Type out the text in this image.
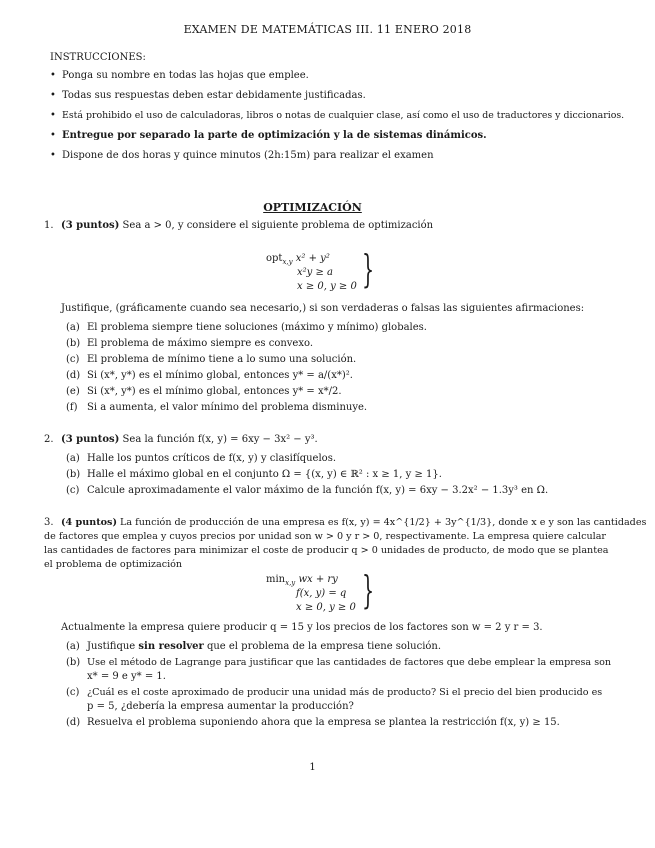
EXAMEN DE MATEMÁTICAS III. 11 ENERO 2018
INSTRUCCIONES:
• Ponga su nombre en todas las hojas que emplee.
• Todas sus respuestas deben estar debidamente justificadas.
• Está prohibido el uso de calculadoras, libros o notas de cualquier clase, así como el uso de traductores y diccionarios.
• Entregue por separado la parte de optimización y la de sistemas dinámicos.
• Dispone de dos horas y quince minutos (2h:15m) para realizar el examen
OPTIMIZACIÓN
1. (3 puntos) Sea a > 0, y considere el siguiente problema de optimización
opt$_{x,y}$ x² + y²
x²y ≥ a
x ≥ 0, y ≥ 0 }
Justifique, (gráficamente cuando sea necesario,) si son verdaderas o falsas las siguientes afirmaciones:
(a) El problema siempre tiene soluciones (máximo y mínimo) globales.
(b) El problema de máximo siempre es convexo.
(c) El problema de mínimo tiene a lo sumo una solución.
(d) Si (x*, y*) es el mínimo global, entonces y* = a/(x*)².
(e) Si (x*, y*) es el mínimo global, entonces y* = x*/2.
(f) Si a aumenta, el valor mínimo del problema disminuye.
2. (3 puntos) Sea la función f(x, y) = 6xy − 3x² − y³.
(a) Halle los puntos críticos de f(x, y) y clasifíquelos.
(b) Halle el máximo global en el conjunto Ω = {(x, y) ∈ ℝ² : x ≥ 1, y ≥ 1}.
(c) Calcule aproximadamente el valor máximo de la función f(x, y) = 6xy − 3.2x² − 1.3y³ en Ω.
3. (4 puntos) La función de producción de una empresa es f(x, y) = 4x^{1/2} + 3y^{1/3}, donde x e y son las cantidades
de factores que emplea y cuyos precios por unidad son w > 0 y r > 0, respectivamente. La empresa quiere calcular
las cantidades de factores para minimizar el coste de producir q > 0 unidades de producto, de modo que se plantea
el problema de optimización
$\min_{x,y}$ wx + ry
f(x, y) = q
x ≥ 0, y ≥ 0 }
Actualmente la empresa quiere producir q = 15 y los precios de los factores son w = 2 y r = 3.
(a) Justifique sin resolver que el problema de la empresa tiene solución.
(b) Use el método de Lagrange para justificar que las cantidades de factores que debe emplear la empresa son
x* = 9 e y* = 1.
(c) ¿Cuál es el coste aproximado de producir una unidad más de producto? Si el precio del bien producido es
p = 5, ¿debería la empresa aumentar la producción?
(d) Resuelva el problema suponiendo ahora que la empresa se plantea la restricción f(x, y) ≥ 15.
1
